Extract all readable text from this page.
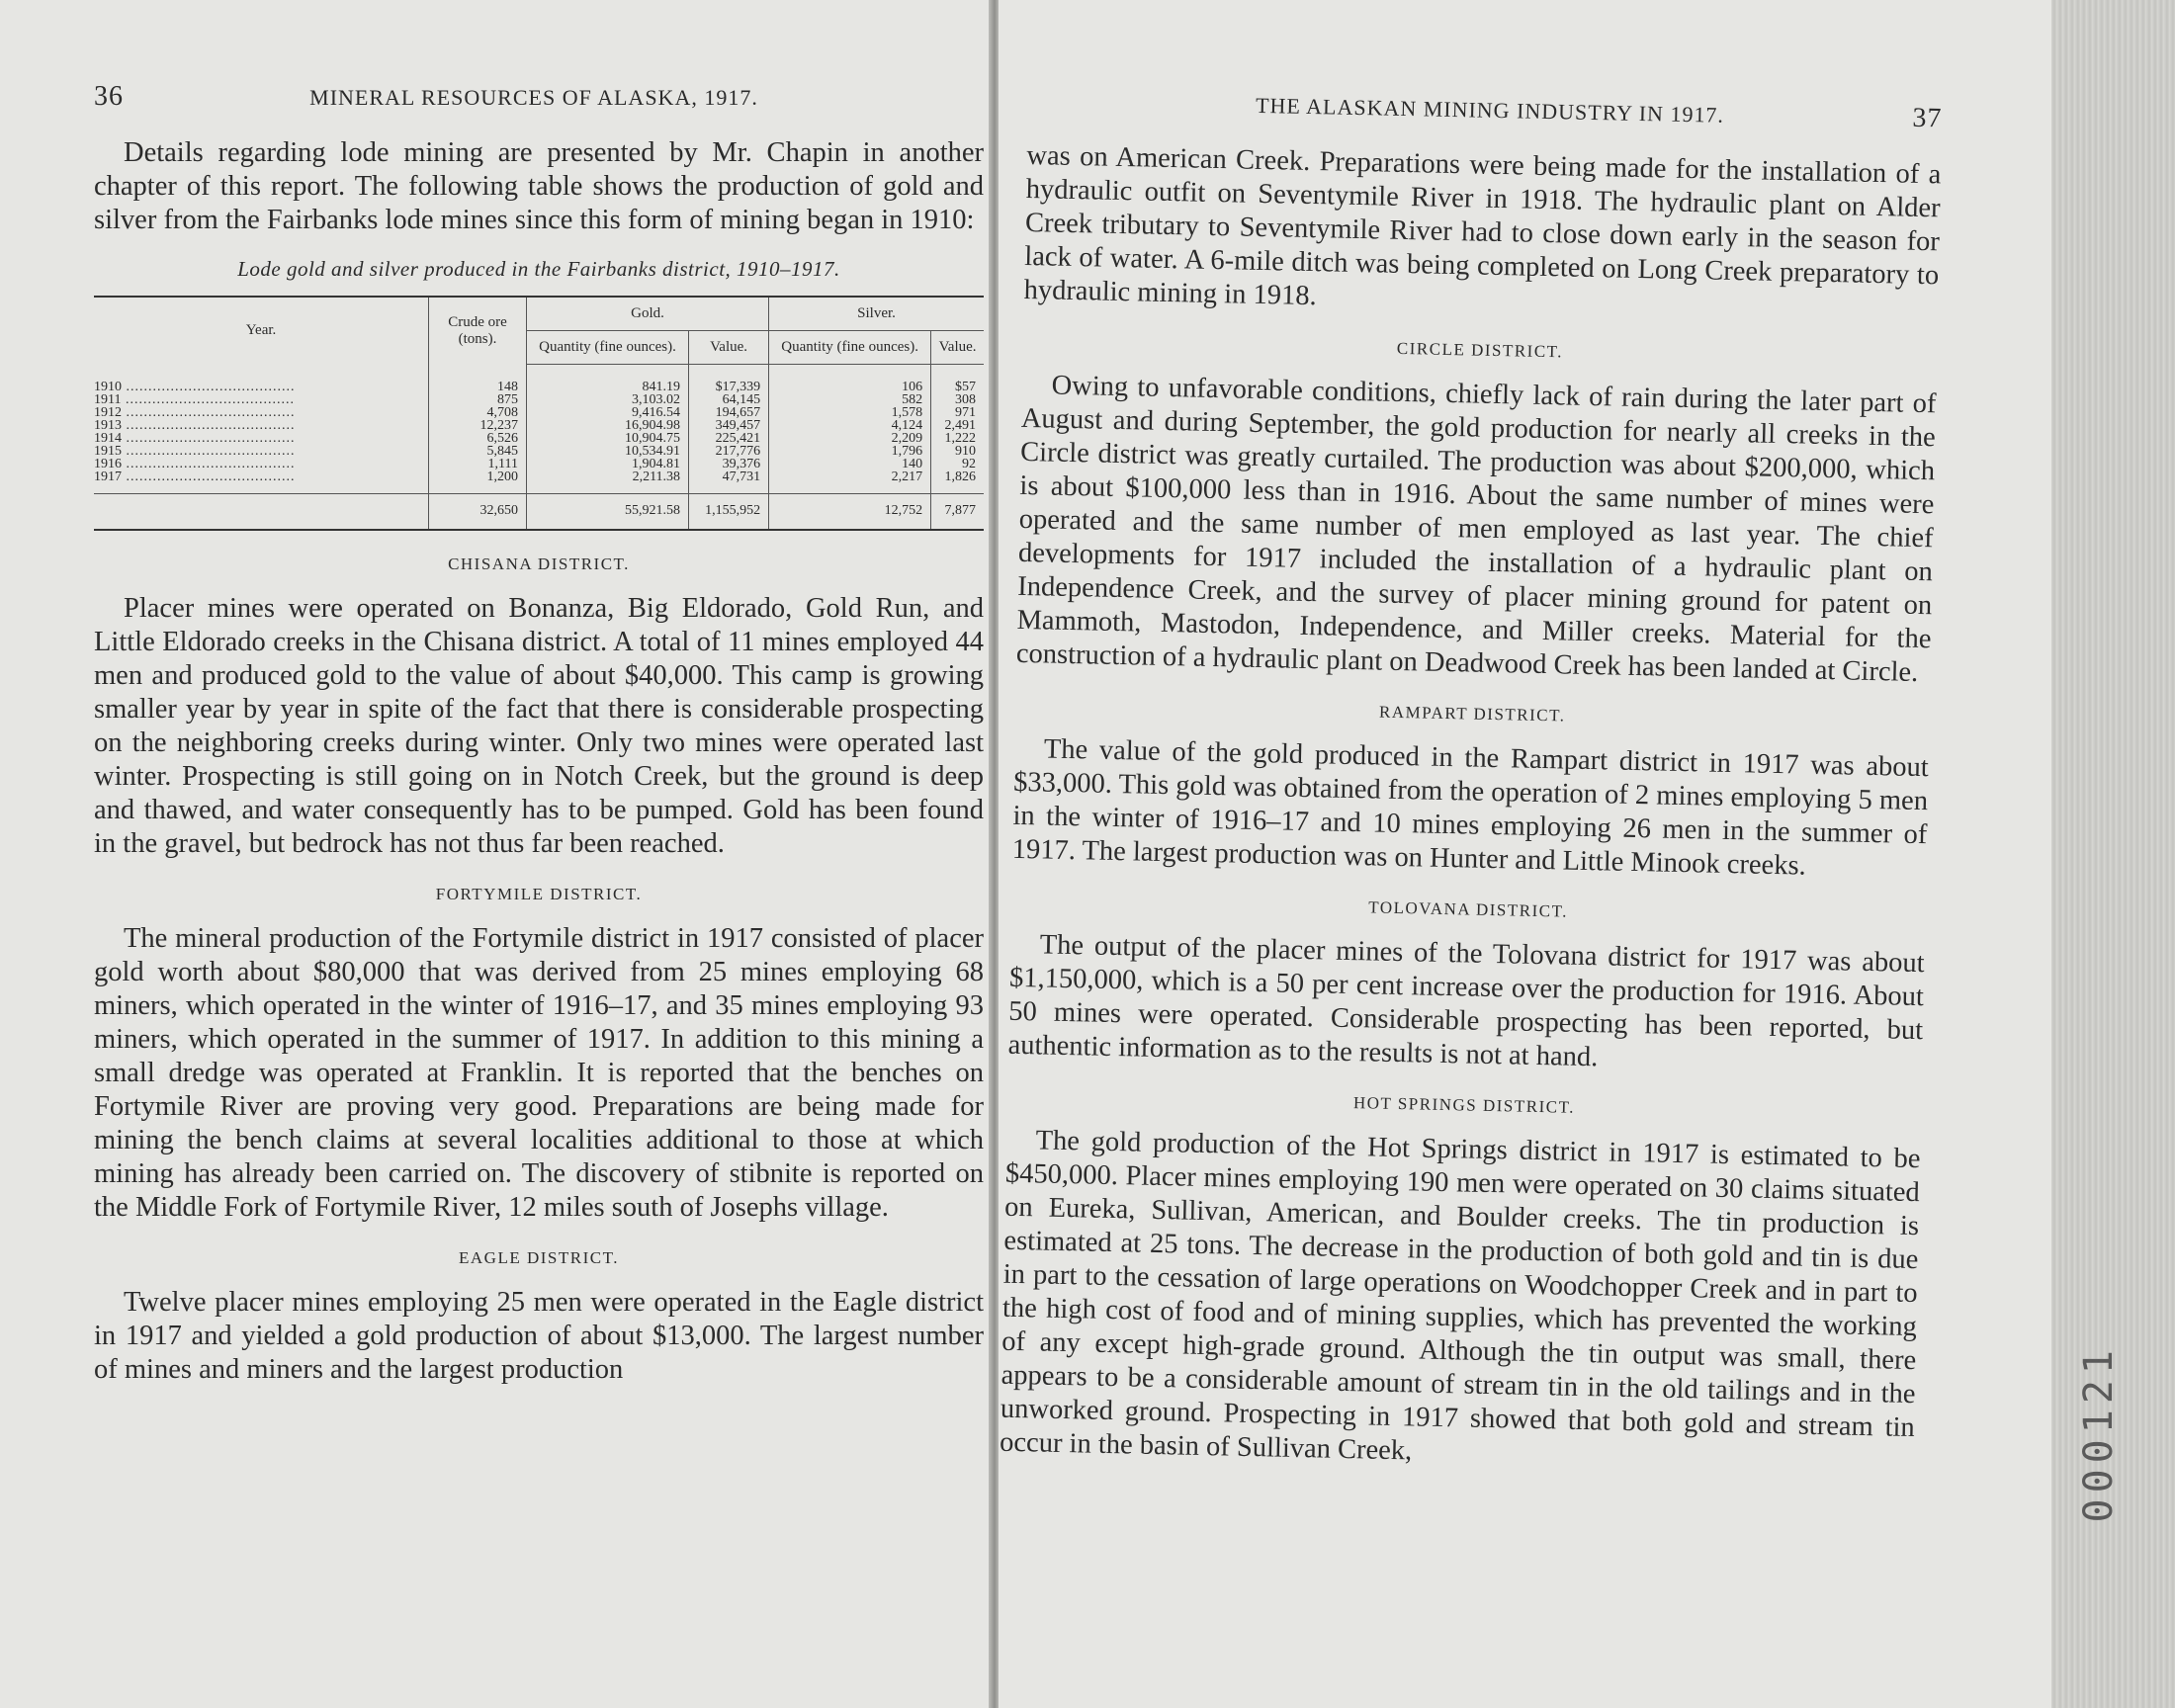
36	MINERAL RESOURCES OF ALASKA, 1917.

Details regarding lode mining are presented by Mr. Chapin in another chapter of this report. The following table shows the production of gold and silver from the Fairbanks lode mines since this form of mining began in 1910:

Lode gold and silver produced in the Fairbanks district, 1910–1917.
Year.	Crude ore (tons).	Gold.		Silver.	
		Quantity (fine ounces).	Value.	Quantity (fine ounces).	Value.
1910 .....	148	841.19	$17,339	106	$57
1911 .....	875	3,103.02	64,145	582	308
1912 .....	4,708	9,416.54	194,657	1,578	971
1913 .....	12,237	16,904.98	349,457	4,124	2,491
1914 .....	6,526	10,904.75	225,421	2,209	1,222
1915 .....	5,845	10,534.91	217,776	1,796	910
1916 .....	1,111	1,904.81	39,376	140	92
1917 .....	1,200	2,211.38	47,731	2,217	1,826
	32,650	55,921.58	1,155,952	12,752	7,877
CHISANA DISTRICT.

Placer mines were operated on Bonanza, Big Eldorado, Gold Run, and Little Eldorado creeks in the Chisana district. A total of 11 mines employed 44 men and produced gold to the value of about $40,000. This camp is growing smaller year by year in spite of the fact that there is considerable prospecting on the neighboring creeks during winter. Only two mines were operated last winter. Prospecting is still going on in Notch Creek, but the ground is deep and thawed, and water consequently has to be pumped. Gold has been found in the gravel, but bedrock has not thus far been reached.

FORTYMILE DISTRICT.

The mineral production of the Fortymile district in 1917 consisted of placer gold worth about $80,000 that was derived from 25 mines employing 68 miners, which operated in the winter of 1916–17, and 35 mines employing 93 miners, which operated in the summer of 1917. In addition to this mining a small dredge was operated at Franklin. It is reported that the benches on Fortymile River are proving very good. Preparations are being made for mining the bench claims at several localities additional to those at which mining has already been carried on. The discovery of stibnite is reported on the Middle Fork of Fortymile River, 12 miles south of Josephs village.

EAGLE DISTRICT.

Twelve placer mines employing 25 men were operated in the Eagle district in 1917 and yielded a gold production of about $13,000. The largest number of mines and miners and the largest production

THE ALASKAN MINING INDUSTRY IN 1917.	37

was on American Creek. Preparations were being made for the installation of a hydraulic outfit on Seventymile River in 1918. The hydraulic plant on Alder Creek tributary to Seventymile River had to close down early in the season for lack of water. A 6-mile ditch was being completed on Long Creek preparatory to hydraulic mining in 1918.

CIRCLE DISTRICT.

Owing to unfavorable conditions, chiefly lack of rain during the later part of August and during September, the gold production for nearly all creeks in the Circle district was greatly curtailed. The production was about $200,000, which is about $100,000 less than in 1916. About the same number of mines were operated and the same number of men employed as last year. The chief developments for 1917 included the installation of a hydraulic plant on Independence Creek, and the survey of placer mining ground for patent on Mammoth, Mastodon, Independence, and Miller creeks. Material for the construction of a hydraulic plant on Deadwood Creek has been landed at Circle.

RAMPART DISTRICT.

The value of the gold produced in the Rampart district in 1917 was about $33,000. This gold was obtained from the operation of 2 mines employing 5 men in the winter of 1916–17 and 10 mines employing 26 men in the summer of 1917. The largest production was on Hunter and Little Minook creeks.

TOLOVANA DISTRICT.

The output of the placer mines of the Tolovana district for 1917 was about $1,150,000, which is a 50 per cent increase over the production for 1916. About 50 mines were operated. Considerable prospecting has been reported, but authentic information as to the results is not at hand.

HOT SPRINGS DISTRICT.

The gold production of the Hot Springs district in 1917 is estimated to be $450,000. Placer mines employing 190 men were operated on 30 claims situated on Eureka, Sullivan, American, and Boulder creeks. The tin production is estimated at 25 tons. The decrease in the production of both gold and tin is due in part to the cessation of large operations on Woodchopper Creek and in part to the high cost of food and of mining supplies, which has prevented the working of any except high-grade ground. Although the tin output was small, there appears to be a considerable amount of stream tin in the old tailings and in the unworked ground. Prospecting in 1917 showed that both gold and stream tin occur in the basin of Sullivan Creek,	000121
